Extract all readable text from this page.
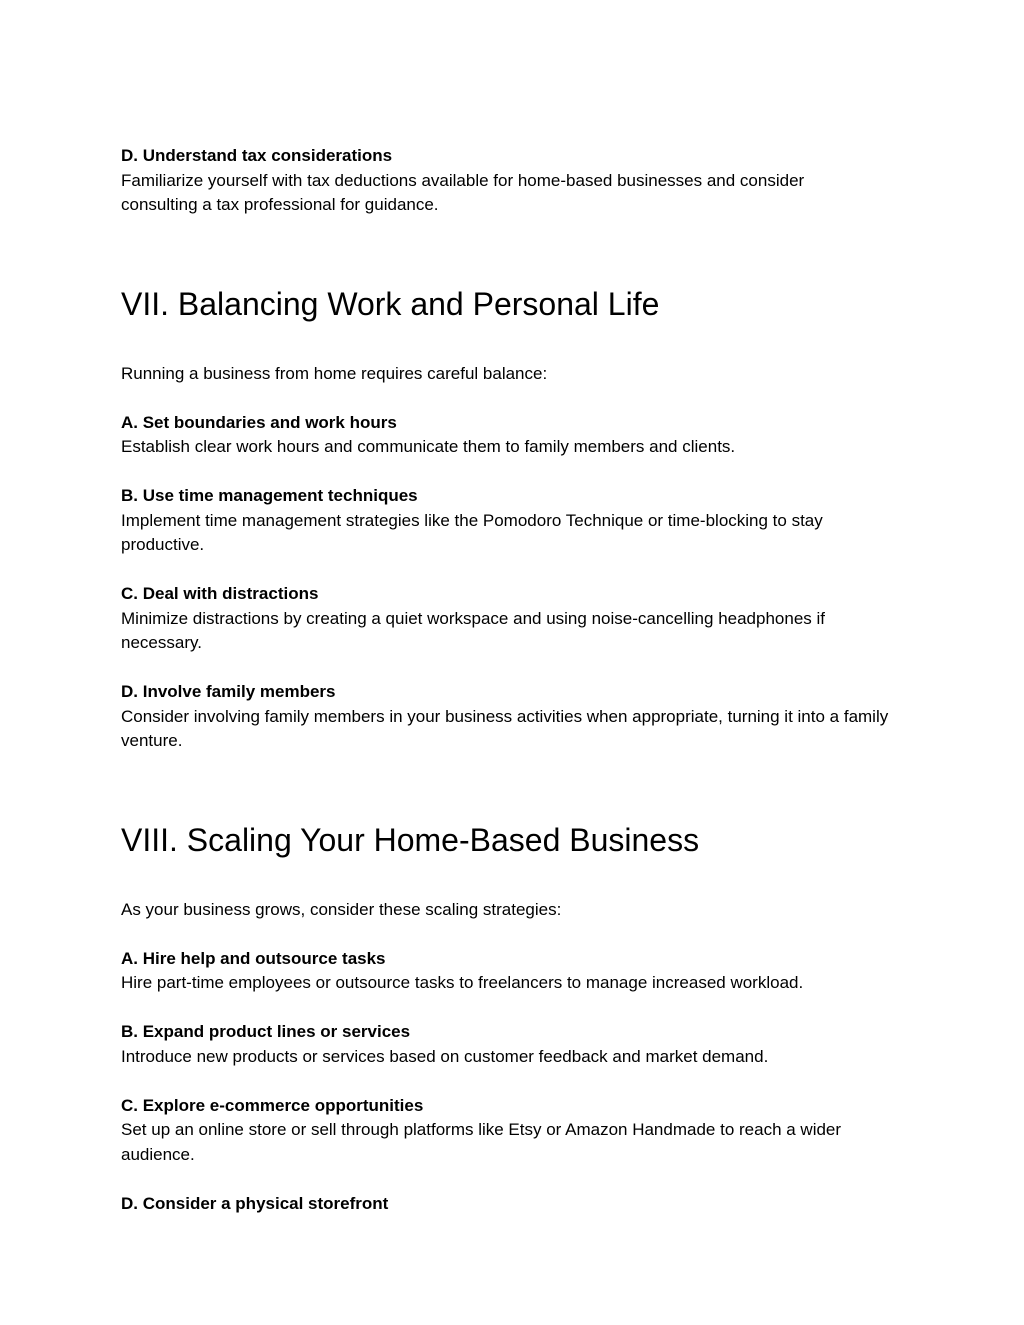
D. Understand tax considerations

Familiarize yourself with tax deductions available for home-based businesses and consider consulting a tax professional for guidance.

VII. Balancing Work and Personal Life

Running a business from home requires careful balance:

A. Set boundaries and work hours

Establish clear work hours and communicate them to family members and clients.

B. Use time management techniques

Implement time management strategies like the Pomodoro Technique or time-blocking to stay productive.

C. Deal with distractions

Minimize distractions by creating a quiet workspace and using noise-cancelling headphones if necessary.

D. Involve family members

Consider involving family members in your business activities when appropriate, turning it into a family venture.

VIII. Scaling Your Home-Based Business

As your business grows, consider these scaling strategies:

A. Hire help and outsource tasks

Hire part-time employees or outsource tasks to freelancers to manage increased workload.

B. Expand product lines or services

Introduce new products or services based on customer feedback and market demand.

C. Explore e-commerce opportunities

Set up an online store or sell through platforms like Etsy or Amazon Handmade to reach a wider audience.

D. Consider a physical storefront
